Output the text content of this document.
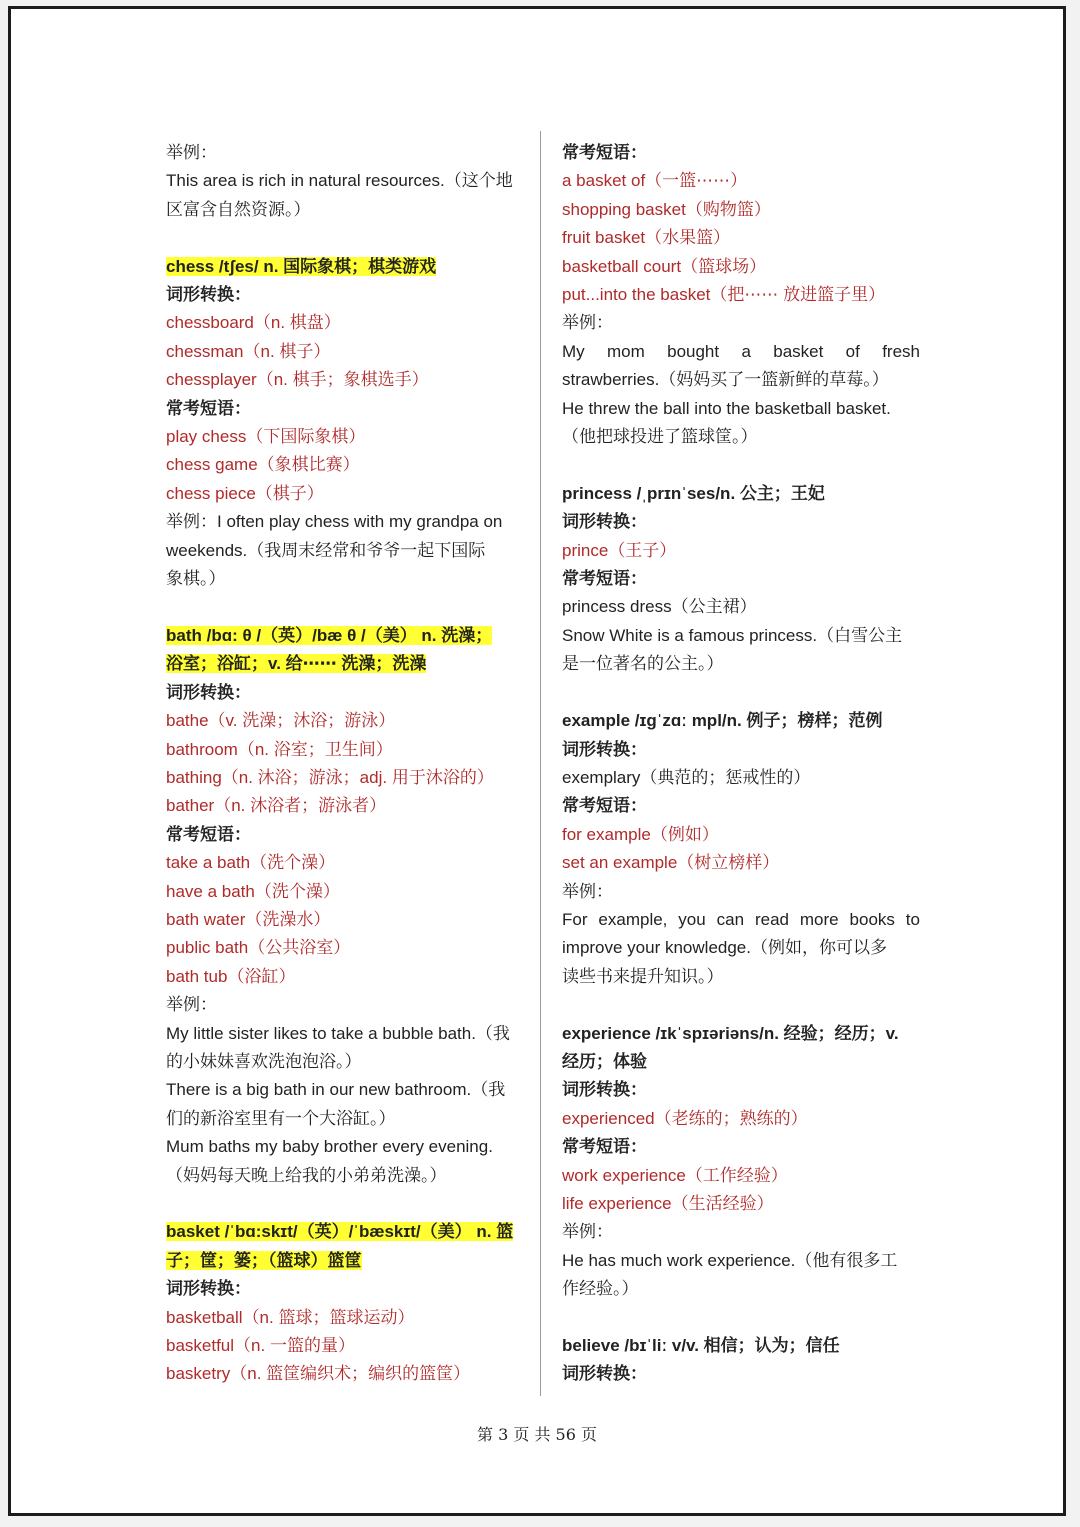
举例：
This area is rich in natural resources.（这个地
区富含自然资源。）
chess /tʃes/ n. 国际象棋；棋类游戏
词形转换：
chessboard（n. 棋盘）
chessman（n. 棋子）
chessplayer（n. 棋手；象棋选手）
常考短语：
play chess（下国际象棋）
chess game（象棋比赛）
chess piece（棋子）
举例：I often play chess with my grandpa on
weekends.（我周末经常和爷爷一起下国际
象棋。）
bath /bɑ: θ /（英）/bæ θ /（美） n. 洗澡；
浴室；浴缸；v. 给⋯⋯ 洗澡；洗澡
词形转换：
bathe（v. 洗澡；沐浴；游泳）
bathroom（n. 浴室；卫生间）
bathing（n. 沐浴；游泳；adj. 用于沐浴的）
bather（n. 沐浴者；游泳者）
常考短语：
take a bath（洗个澡）
have a bath（洗个澡）
bath water（洗澡水）
public bath（公共浴室）
bath tub（浴缸）
举例：
My little sister likes to take a bubble bath.（我
的小妹妹喜欢洗泡泡浴。）
There is a big bath in our new bathroom.（我
们的新浴室里有一个大浴缸。）
Mum baths my baby brother every evening.
（妈妈每天晚上给我的小弟弟洗澡。）
basket /ˈbɑ:skɪt/（英）/ˈbæskɪt/（美） n. 篮
子；筐；篓；（篮球）篮筐
词形转换：
basketball（n. 篮球；篮球运动）
basketful（n. 一篮的量）
basketry（n. 篮筐编织术；编织的篮筐）
常考短语：
a basket of（一篮⋯⋯）
shopping basket（购物篮）
fruit basket（水果篮）
basketball court（篮球场）
put...into the basket（把⋯⋯ 放进篮子里）
举例：
My mom bought a basket of fresh
strawberries.（妈妈买了一篮新鲜的草莓。）
He threw the ball into the basketball basket.
（他把球投进了篮球筐。）
princess /ˌprɪnˈses/n. 公主；王妃
词形转换：
prince（王子）
常考短语：
princess dress（公主裙）
Snow White is a famous princess.（白雪公主
是一位著名的公主。）
example /ɪɡˈzɑː mpl/n. 例子；榜样；范例
词形转换：
exemplary（典范的；惩戒性的）
常考短语：
for example（例如）
set an example（树立榜样）
举例：
For example, you can read more books to
improve your knowledge.（例如，你可以多
读些书来提升知识。）
experience /ɪkˈspɪəriəns/n. 经验；经历；v.
经历；体验
词形转换：
experienced（老练的；熟练的）
常考短语：
work experience（工作经验）
life experience（生活经验）
举例：
He has much work experience.（他有很多工
作经验。）
believe /bɪˈliː v/v. 相信；认为；信任
词形转换：
第 3 页 共 56 页
